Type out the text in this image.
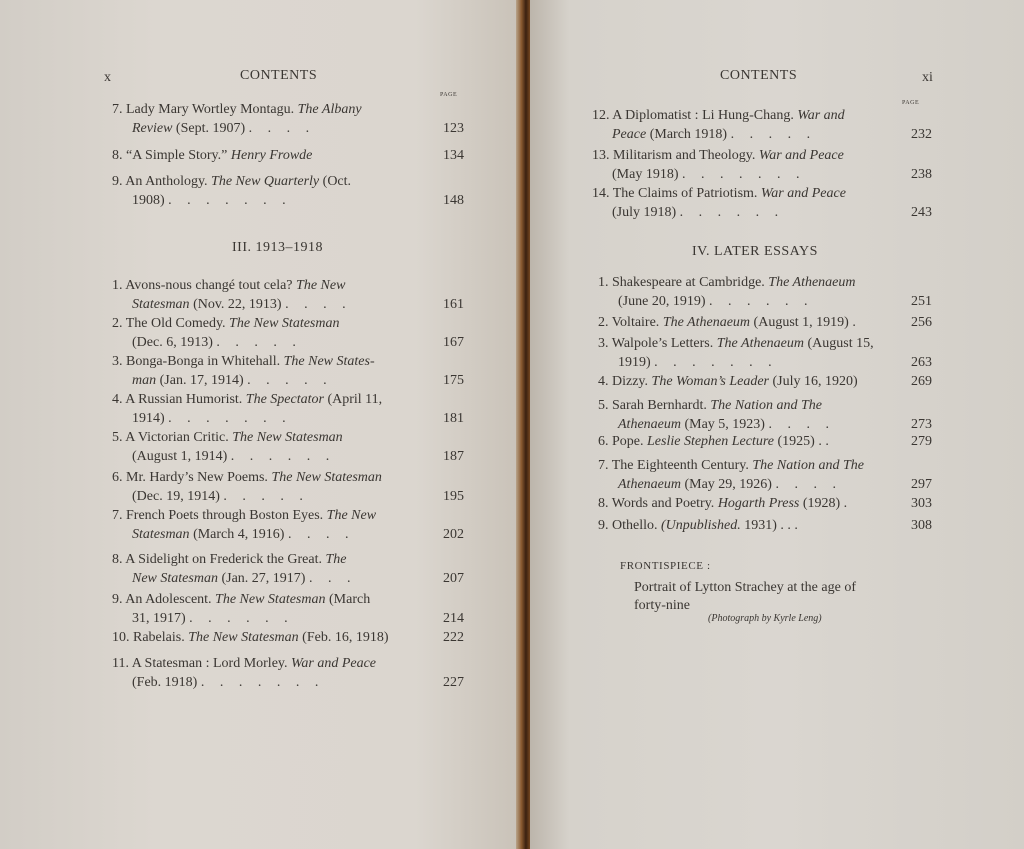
x	CONTENTS
PAGE
7. Lady Mary Wortley Montagu. The Albany
Review (Sept. 1907) . . . .	123
8. “A Simple Story.” Henry Frowde	134
9. An Anthology. The New Quarterly (Oct.
1908) . . . . . . .	148
III. 1913–1918
1. Avons-nous changé tout cela? The New
Statesman (Nov. 22, 1913) . . . .	161
2. The Old Comedy. The New Statesman
(Dec. 6, 1913) . . . . .	167
3. Bonga-Bonga in Whitehall. The New States-
man (Jan. 17, 1914) . . . . .	175
4. A Russian Humorist. The Spectator (April 11,
1914) . . . . . . .	181
5. A Victorian Critic. The New Statesman
(August 1, 1914) . . . . . .	187
6. Mr. Hardy’s New Poems. The New Statesman
(Dec. 19, 1914) . . . . .	195
7. French Poets through Boston Eyes. The New
Statesman (March 4, 1916) . . . .	202
8. A Sidelight on Frederick the Great. The
New Statesman (Jan. 27, 1917) . . .	207
9. An Adolescent. The New Statesman (March
31, 1917) . . . . . .	214
10. Rabelais. The New Statesman (Feb. 16, 1918)	222
11. A Statesman : Lord Morley. War and Peace
(Feb. 1918) . . . . . . .	227
CONTENTS	xi
PAGE
12. A Diplomatist : Li Hung-Chang. War and
Peace (March 1918) . . . . .	232
13. Militarism and Theology. War and Peace
(May 1918) . . . . . . .	238
14. The Claims of Patriotism. War and Peace
(July 1918) . . . . . .	243
IV. LATER ESSAYS
1. Shakespeare at Cambridge. The Athenaeum
(June 20, 1919) . . . . . .	251
2. Voltaire. The Athenaeum (August 1, 1919) .	256
3. Walpole’s Letters. The Athenaeum (August 15,
1919) . . . . . . .	263
4. Dizzy. The Woman’s Leader (July 16, 1920)	269
5. Sarah Bernhardt. The Nation and The
Athenaeum (May 5, 1923) . . . .	273
6. Pope. Leslie Stephen Lecture (1925) . .	279
7. The Eighteenth Century. The Nation and The
Athenaeum (May 29, 1926) . . . .	297
8. Words and Poetry. Hogarth Press (1928) .	303
9. Othello. (Unpublished. 1931) . . .	308
FRONTISPIECE :
Portrait of Lytton Strachey at the age of
forty-nine
(Photograph by Kyrle Leng)
